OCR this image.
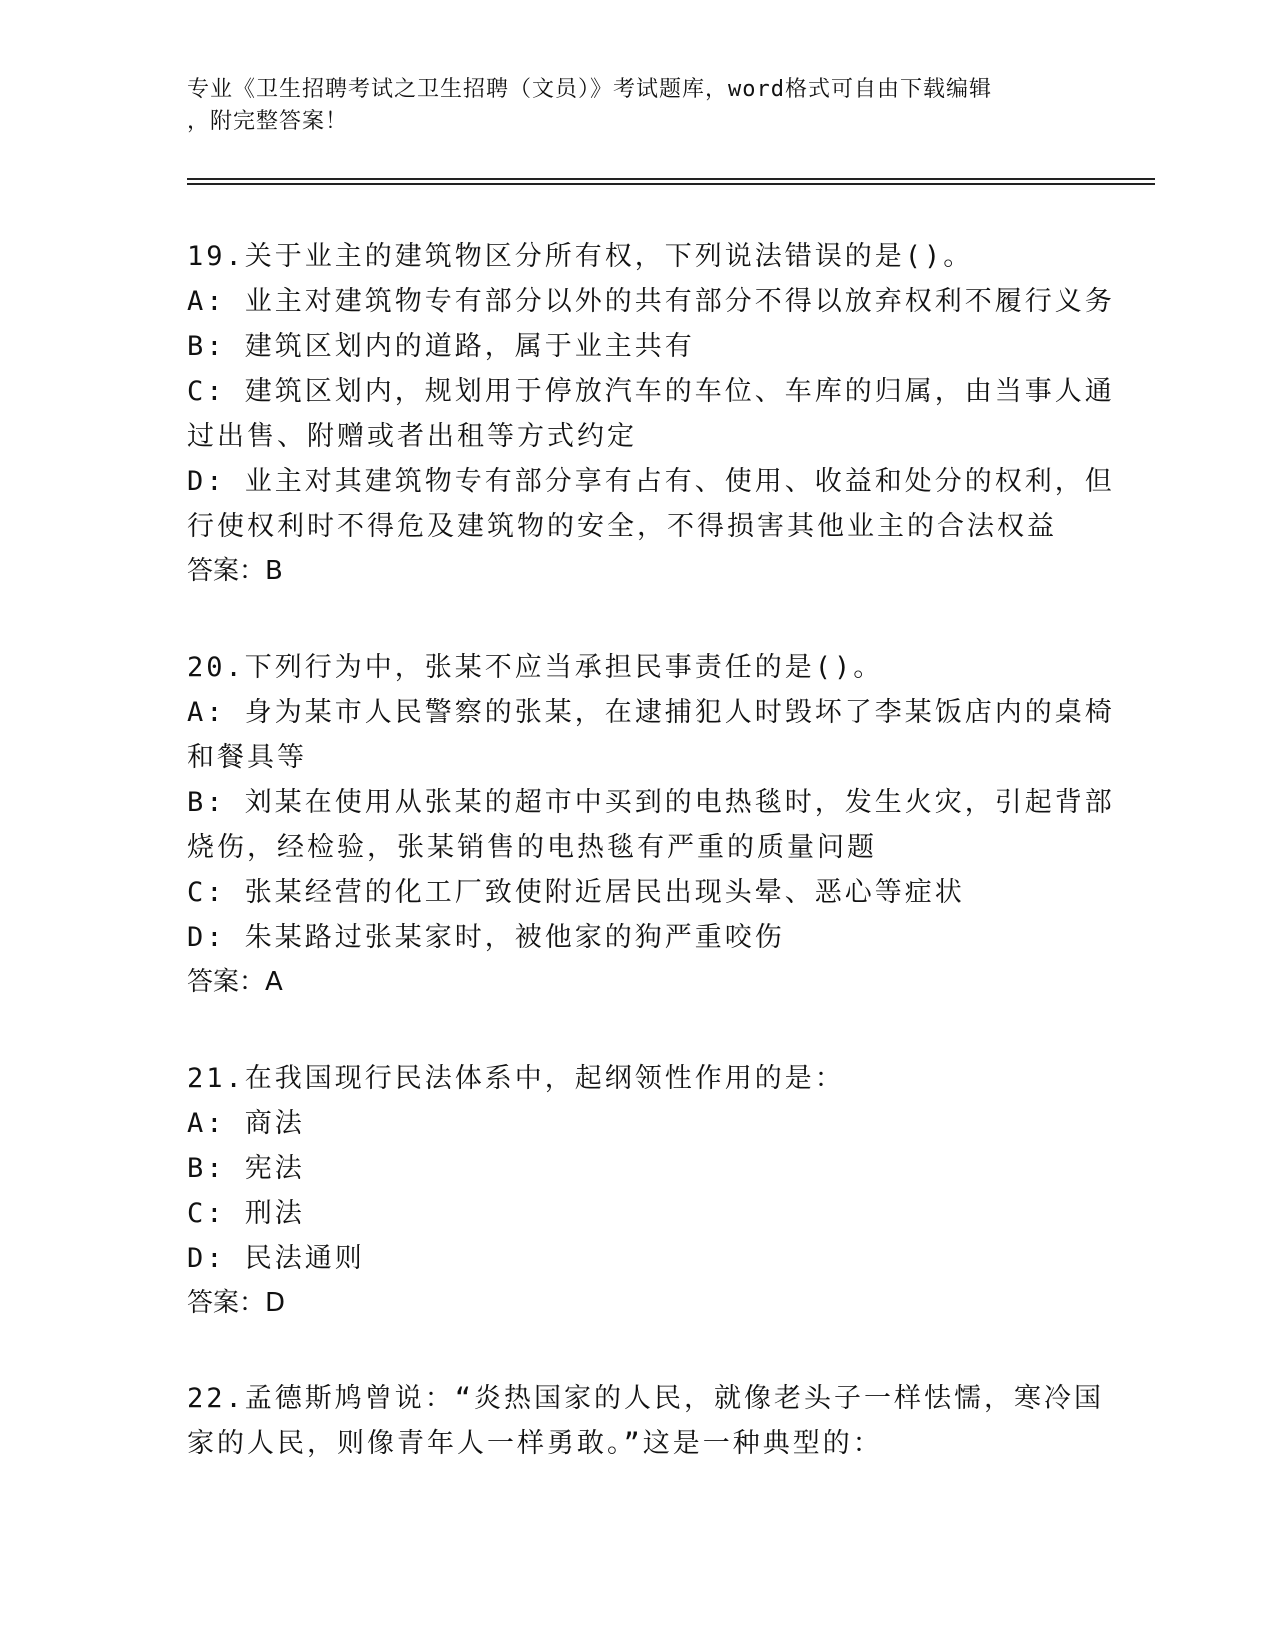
专业《卫生招聘考试之卫生招聘（文员）》考试题库，word格式可自由下载编辑
，附完整答案！
19.关于业主的建筑物区分所有权，下列说法错误的是()。
A: 业主对建筑物专有部分以外的共有部分不得以放弃权利不履行义务
B: 建筑区划内的道路，属于业主共有
C: 建筑区划内，规划用于停放汽车的车位、车库的归属，由当事人通
过出售、附赠或者出租等方式约定
D: 业主对其建筑物专有部分享有占有、使用、收益和处分的权利，但
行使权利时不得危及建筑物的安全，不得损害其他业主的合法权益
答案：B
20.下列行为中，张某不应当承担民事责任的是()。
A: 身为某市人民警察的张某，在逮捕犯人时毁坏了李某饭店内的桌椅
和餐具等
B: 刘某在使用从张某的超市中买到的电热毯时，发生火灾，引起背部
烧伤，经检验，张某销售的电热毯有严重的质量问题
C: 张某经营的化工厂致使附近居民出现头晕、恶心等症状
D: 朱某路过张某家时，被他家的狗严重咬伤
答案：A
21.在我国现行民法体系中，起纲领性作用的是：
A: 商法
B: 宪法
C: 刑法
D: 民法通则
答案：D
22.孟德斯鸠曾说：“炎热国家的人民，就像老头子一样怯懦，寒冷国
家的人民，则像青年人一样勇敢。”这是一种典型的：
